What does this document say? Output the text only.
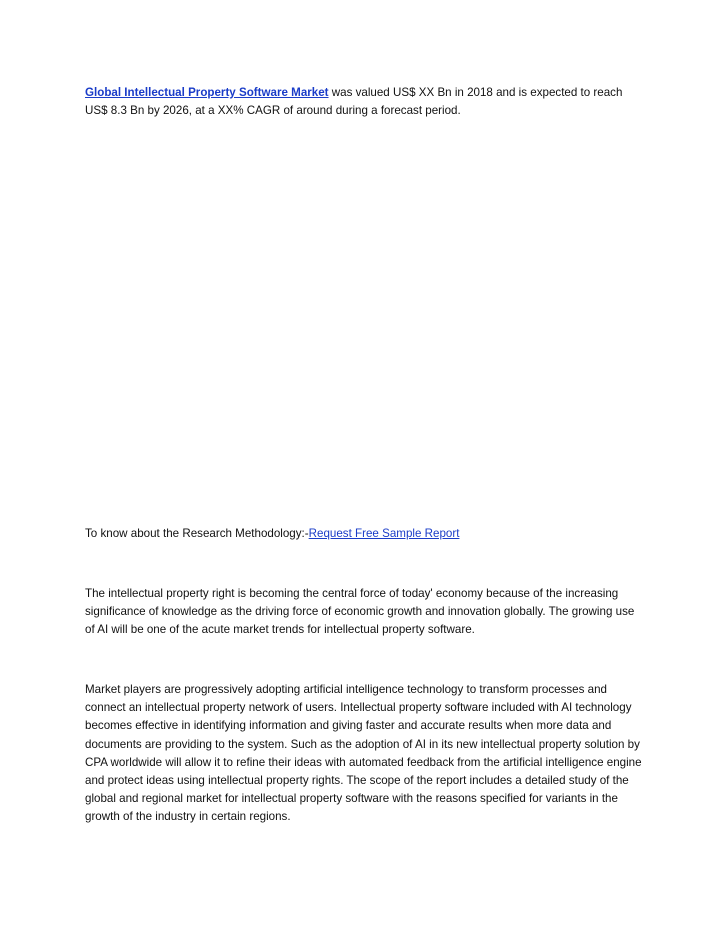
Global Intellectual Property Software Market was valued US$ XX Bn in 2018 and is expected to reach US$ 8.3 Bn by 2026, at a XX% CAGR of around during a forecast period.

To know about the Research Methodology:-Request Free Sample Report

The intellectual property right is becoming the central force of today' economy because of the increasing significance of knowledge as the driving force of economic growth and innovation globally. The growing use of AI will be one of the acute market trends for intellectual property software.

Market players are progressively adopting artificial intelligence technology to transform processes and connect an intellectual property network of users. Intellectual property software included with AI technology becomes effective in identifying information and giving faster and accurate results when more data and documents are providing to the system. Such as the adoption of AI in its new intellectual property solution by CPA worldwide will allow it to refine their ideas with automated feedback from the artificial intelligence engine and protect ideas using intellectual property rights. The scope of the report includes a detailed study of the global and regional market for intellectual property software with the reasons specified for variants in the growth of the industry in certain regions.
